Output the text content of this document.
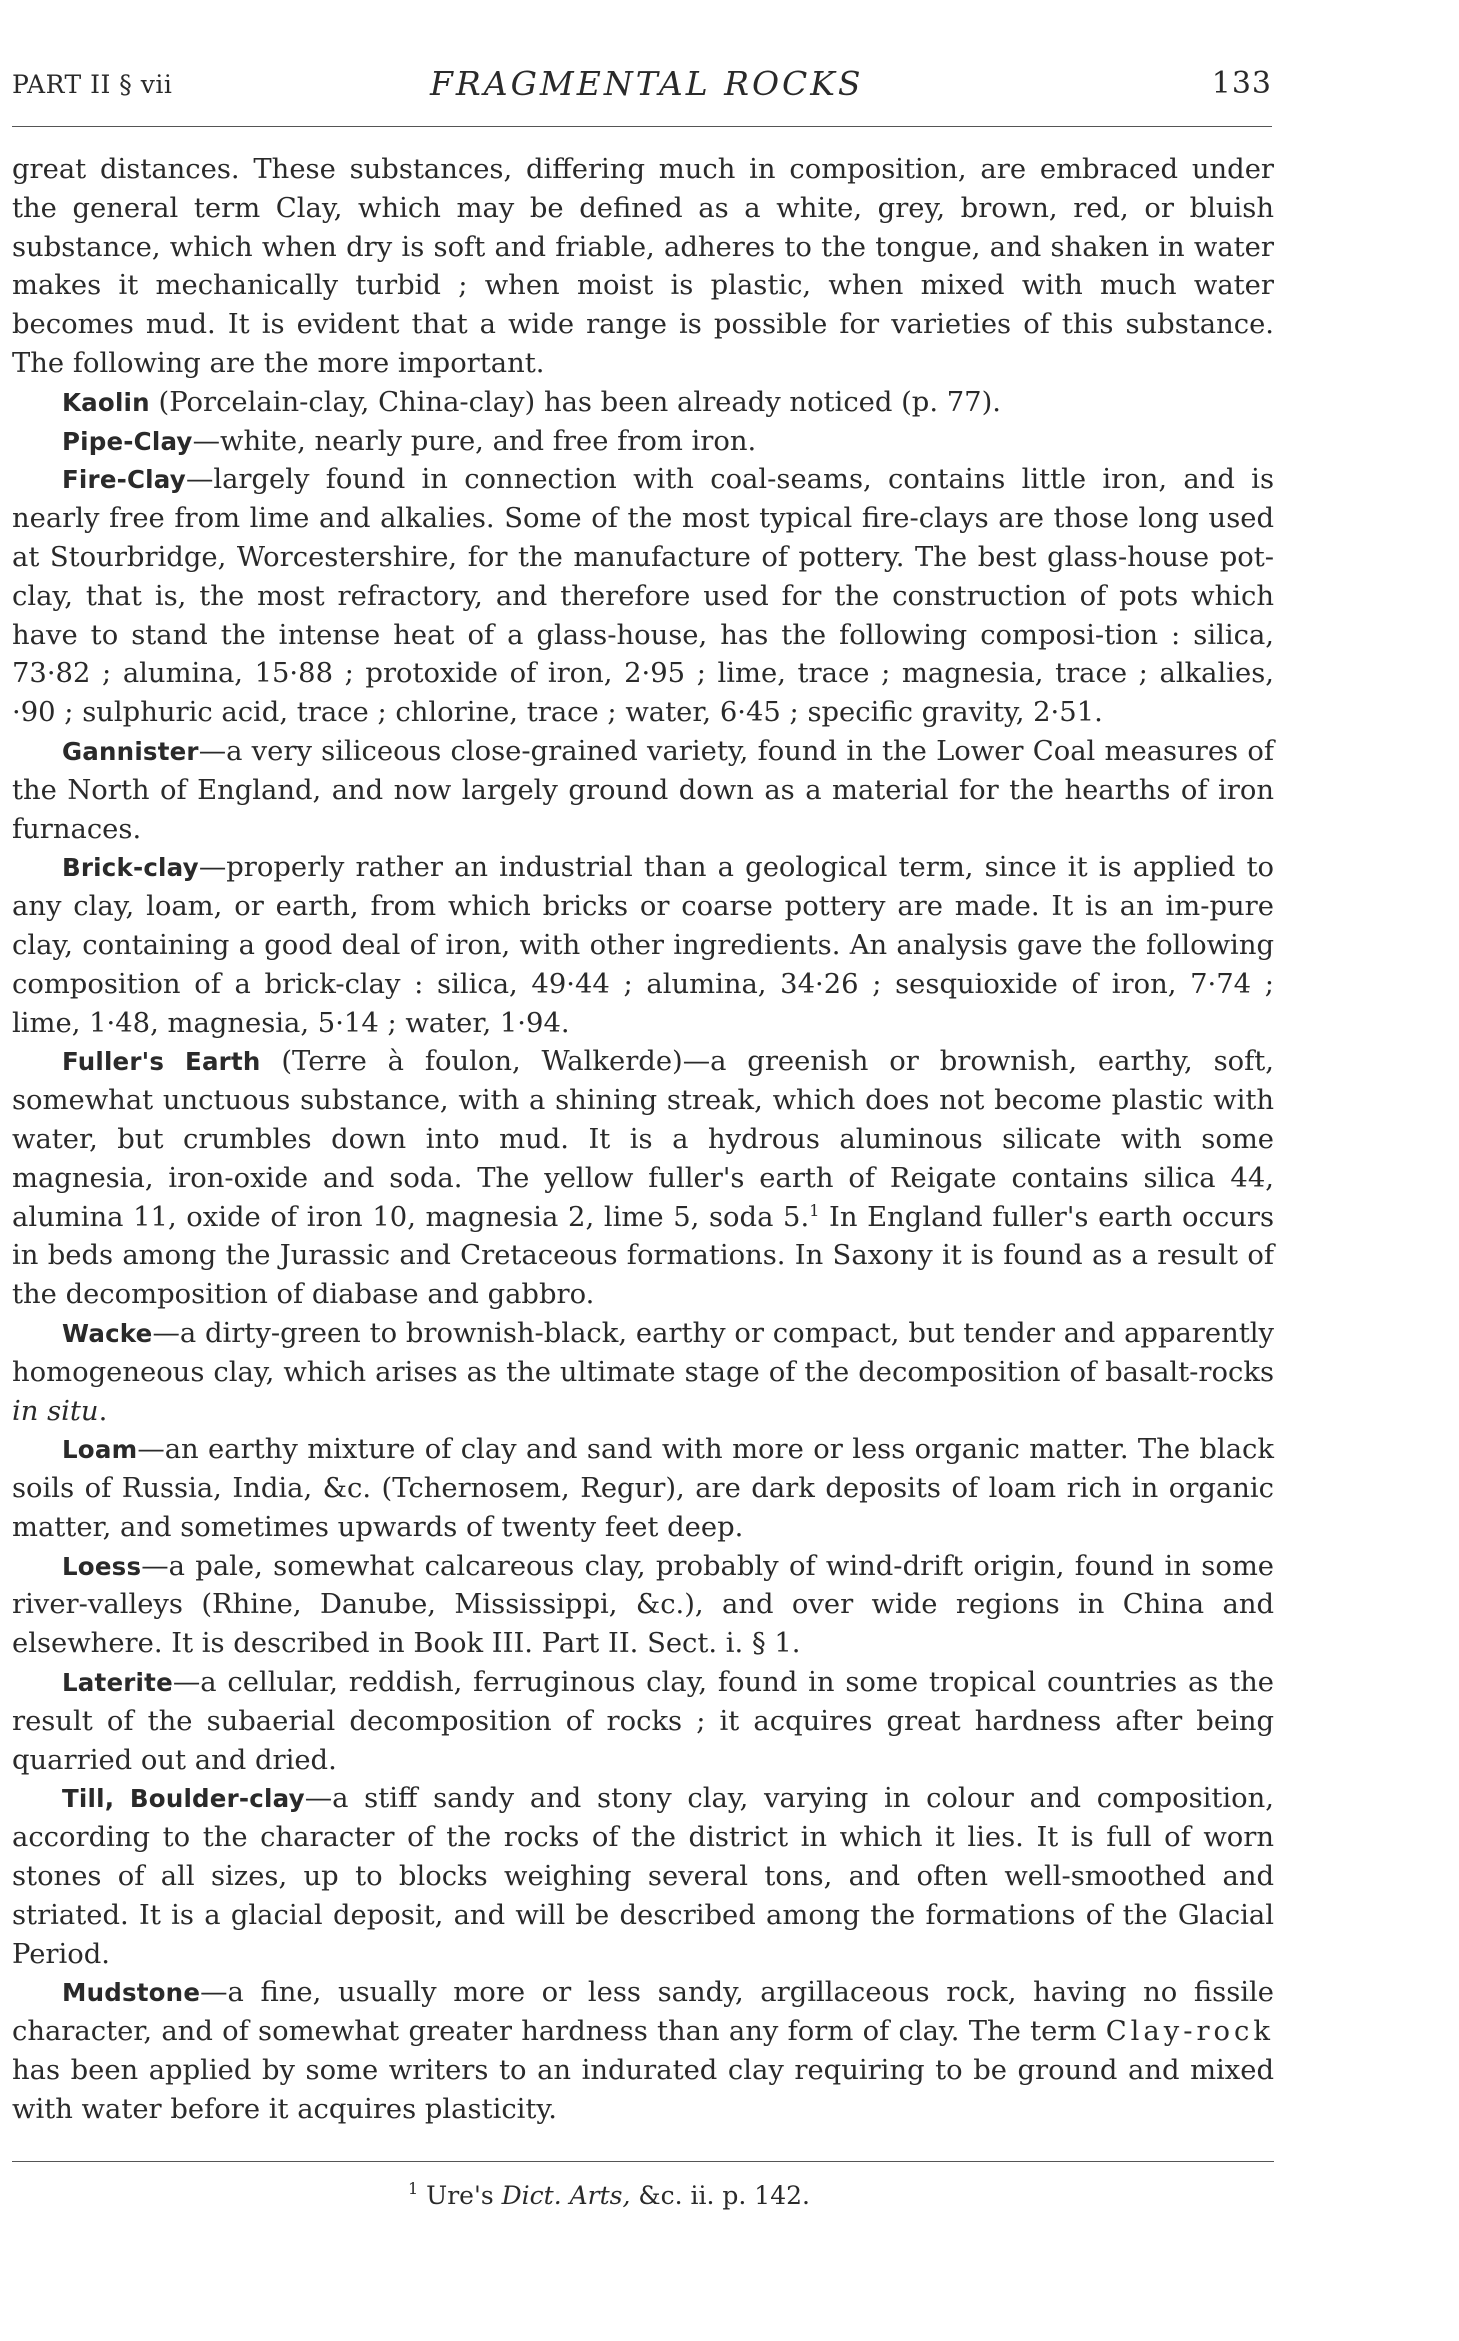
PART II § vii	FRAGMENTAL ROCKS	133

great distances. These substances, differing much in composition, are embraced under the general term Clay, which may be defined as a white, grey, brown, red, or bluish substance, which when dry is soft and friable, adheres to the tongue, and shaken in water makes it mechanically turbid ; when moist is plastic, when mixed with much water becomes mud. It is evident that a wide range is possible for varieties of this substance. The following are the more important.

Kaolin (Porcelain-clay, China-clay) has been already noticed (p. 77).

Pipe-Clay—white, nearly pure, and free from iron.

Fire-Clay—largely found in connection with coal-seams, contains little iron, and is nearly free from lime and alkalies. Some of the most typical fire-clays are those long used at Stourbridge, Worcestershire, for the manufacture of pottery. The best glass-house pot-clay, that is, the most refractory, and therefore used for the construction of pots which have to stand the intense heat of a glass-house, has the following composi-tion : silica, 73·82 ; alumina, 15·88 ; protoxide of iron, 2·95 ; lime, trace ; magnesia, trace ; alkalies, ·90 ; sulphuric acid, trace ; chlorine, trace ; water, 6·45 ; specific gravity, 2·51.

Gannister—a very siliceous close-grained variety, found in the Lower Coal measures of the North of England, and now largely ground down as a material for the hearths of iron furnaces.

Brick-clay—properly rather an industrial than a geological term, since it is applied to any clay, loam, or earth, from which bricks or coarse pottery are made. It is an im-pure clay, containing a good deal of iron, with other ingredients. An analysis gave the following composition of a brick-clay : silica, 49·44 ; alumina, 34·26 ; sesquioxide of iron, 7·74 ; lime, 1·48, magnesia, 5·14 ; water, 1·94.

Fuller's Earth (Terre à foulon, Walkerde)—a greenish or brownish, earthy, soft, somewhat unctuous substance, with a shining streak, which does not become plastic with water, but crumbles down into mud. It is a hydrous aluminous silicate with some magnesia, iron-oxide and soda. The yellow fuller's earth of Reigate contains silica 44, alumina 11, oxide of iron 10, magnesia 2, lime 5, soda 5.$^1$ In England fuller's earth occurs in beds among the Jurassic and Cretaceous formations. In Saxony it is found as a result of the decomposition of diabase and gabbro.

Wacke—a dirty-green to brownish-black, earthy or compact, but tender and apparently homogeneous clay, which arises as the ultimate stage of the decomposition of basalt-rocks in situ.

Loam—an earthy mixture of clay and sand with more or less organic matter. The black soils of Russia, India, &c. (Tchernosem, Regur), are dark deposits of loam rich in organic matter, and sometimes upwards of twenty feet deep.

Loess—a pale, somewhat calcareous clay, probably of wind-drift origin, found in some river-valleys (Rhine, Danube, Mississippi, &c.), and over wide regions in China and elsewhere. It is described in Book III. Part II. Sect. i. § 1.

Laterite—a cellular, reddish, ferruginous clay, found in some tropical countries as the result of the subaerial decomposition of rocks ; it acquires great hardness after being quarried out and dried.

Till, Boulder-clay—a stiff sandy and stony clay, varying in colour and composition, according to the character of the rocks of the district in which it lies. It is full of worn stones of all sizes, up to blocks weighing several tons, and often well-smoothed and striated. It is a glacial deposit, and will be described among the formations of the Glacial Period.

Mudstone—a fine, usually more or less sandy, argillaceous rock, having no fissile character, and of somewhat greater hardness than any form of clay. The term Clay-rock has been applied by some writers to an indurated clay requiring to be ground and mixed with water before it acquires plasticity.

$^1$ Ure's Dict. Arts, &c. ii. p. 142.
